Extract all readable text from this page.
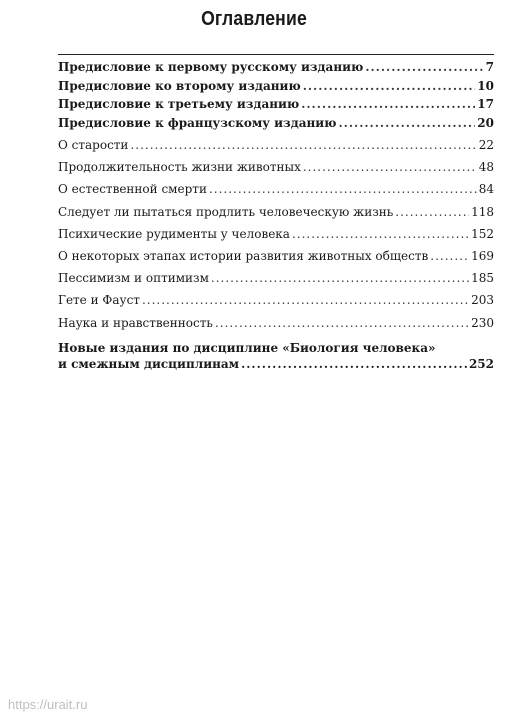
Оглавление
Предисловие к первому русскому изданию .....	7
Предисловие ко второму изданию .....	10
Предисловие к третьему изданию .....	17
Предисловие к французскому изданию .....	20
О старости .....	22
Продолжительность жизни животных .....	48
О естественной смерти .....	84
Следует ли пытаться продлить человеческую жизнь .....	118
Психические рудименты у человека .....	152
О некоторых этапах истории развития животных обществ .....	169
Пессимизм и оптимизм .....	185
Гете и Фауст .....	203
Наука и нравственность .....	230
Новые издания по дисциплине «Биология человека»
и смежным дисциплинам .....	252
https://urait.ru
